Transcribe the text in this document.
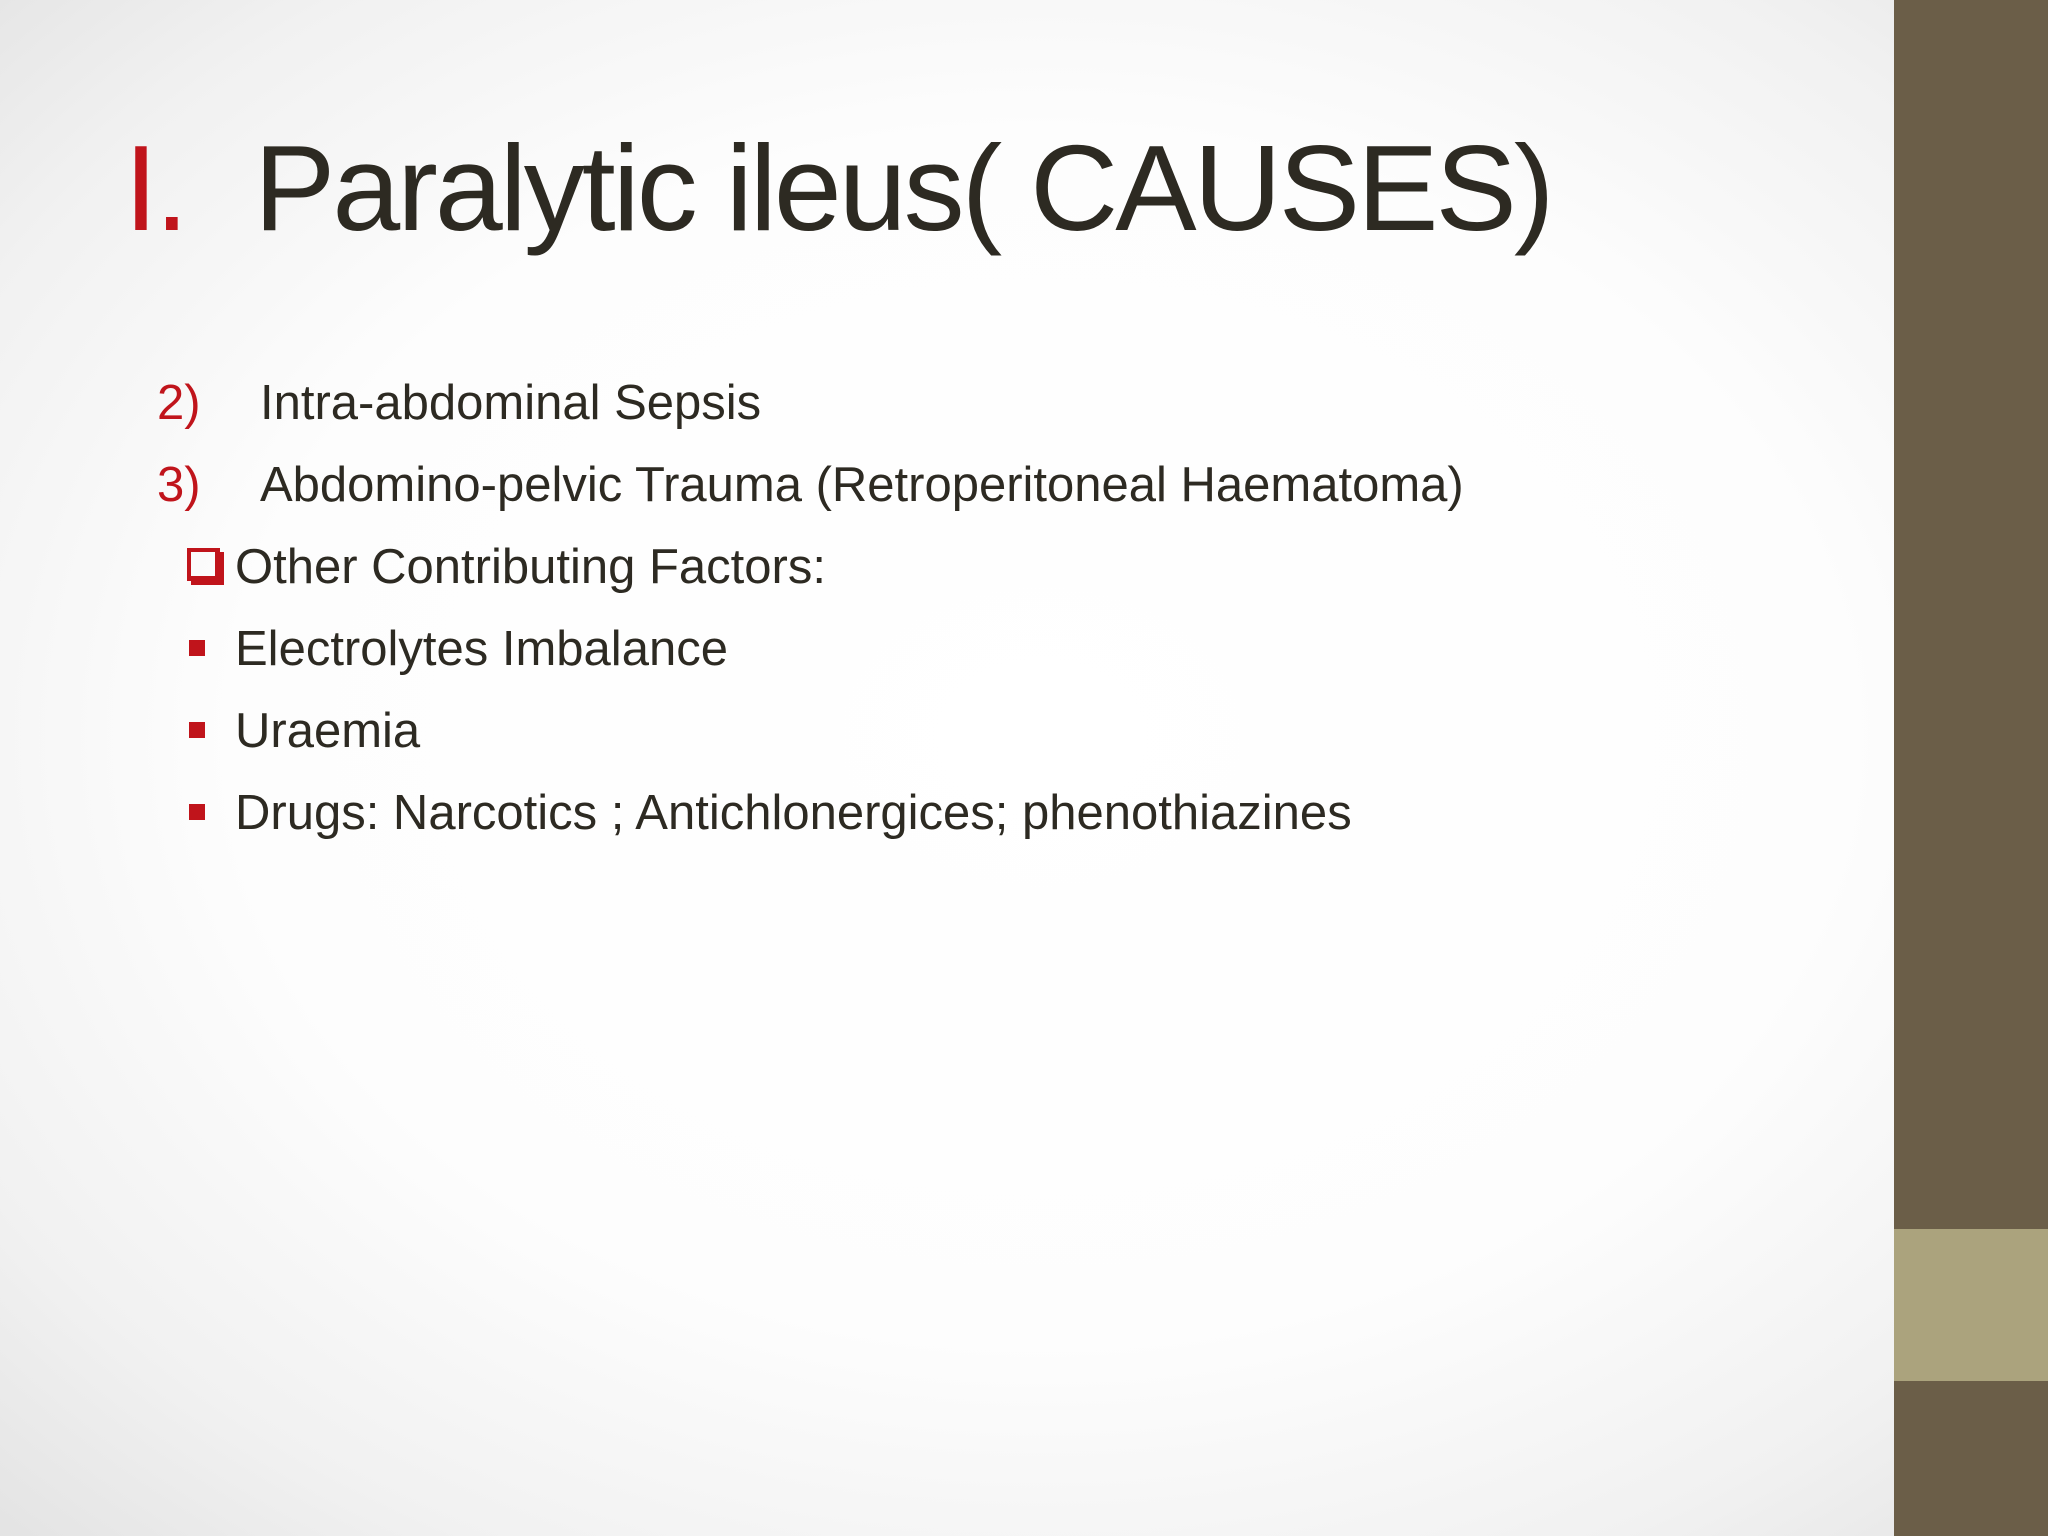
I. Paralytic ileus( CAUSES)
2) Intra-abdominal Sepsis
3) Abdomino-pelvic Trauma (Retroperitoneal Haematoma)
Other Contributing Factors:
Electrolytes Imbalance
Uraemia
Drugs: Narcotics ; Antichlonergices; phenothiazines
